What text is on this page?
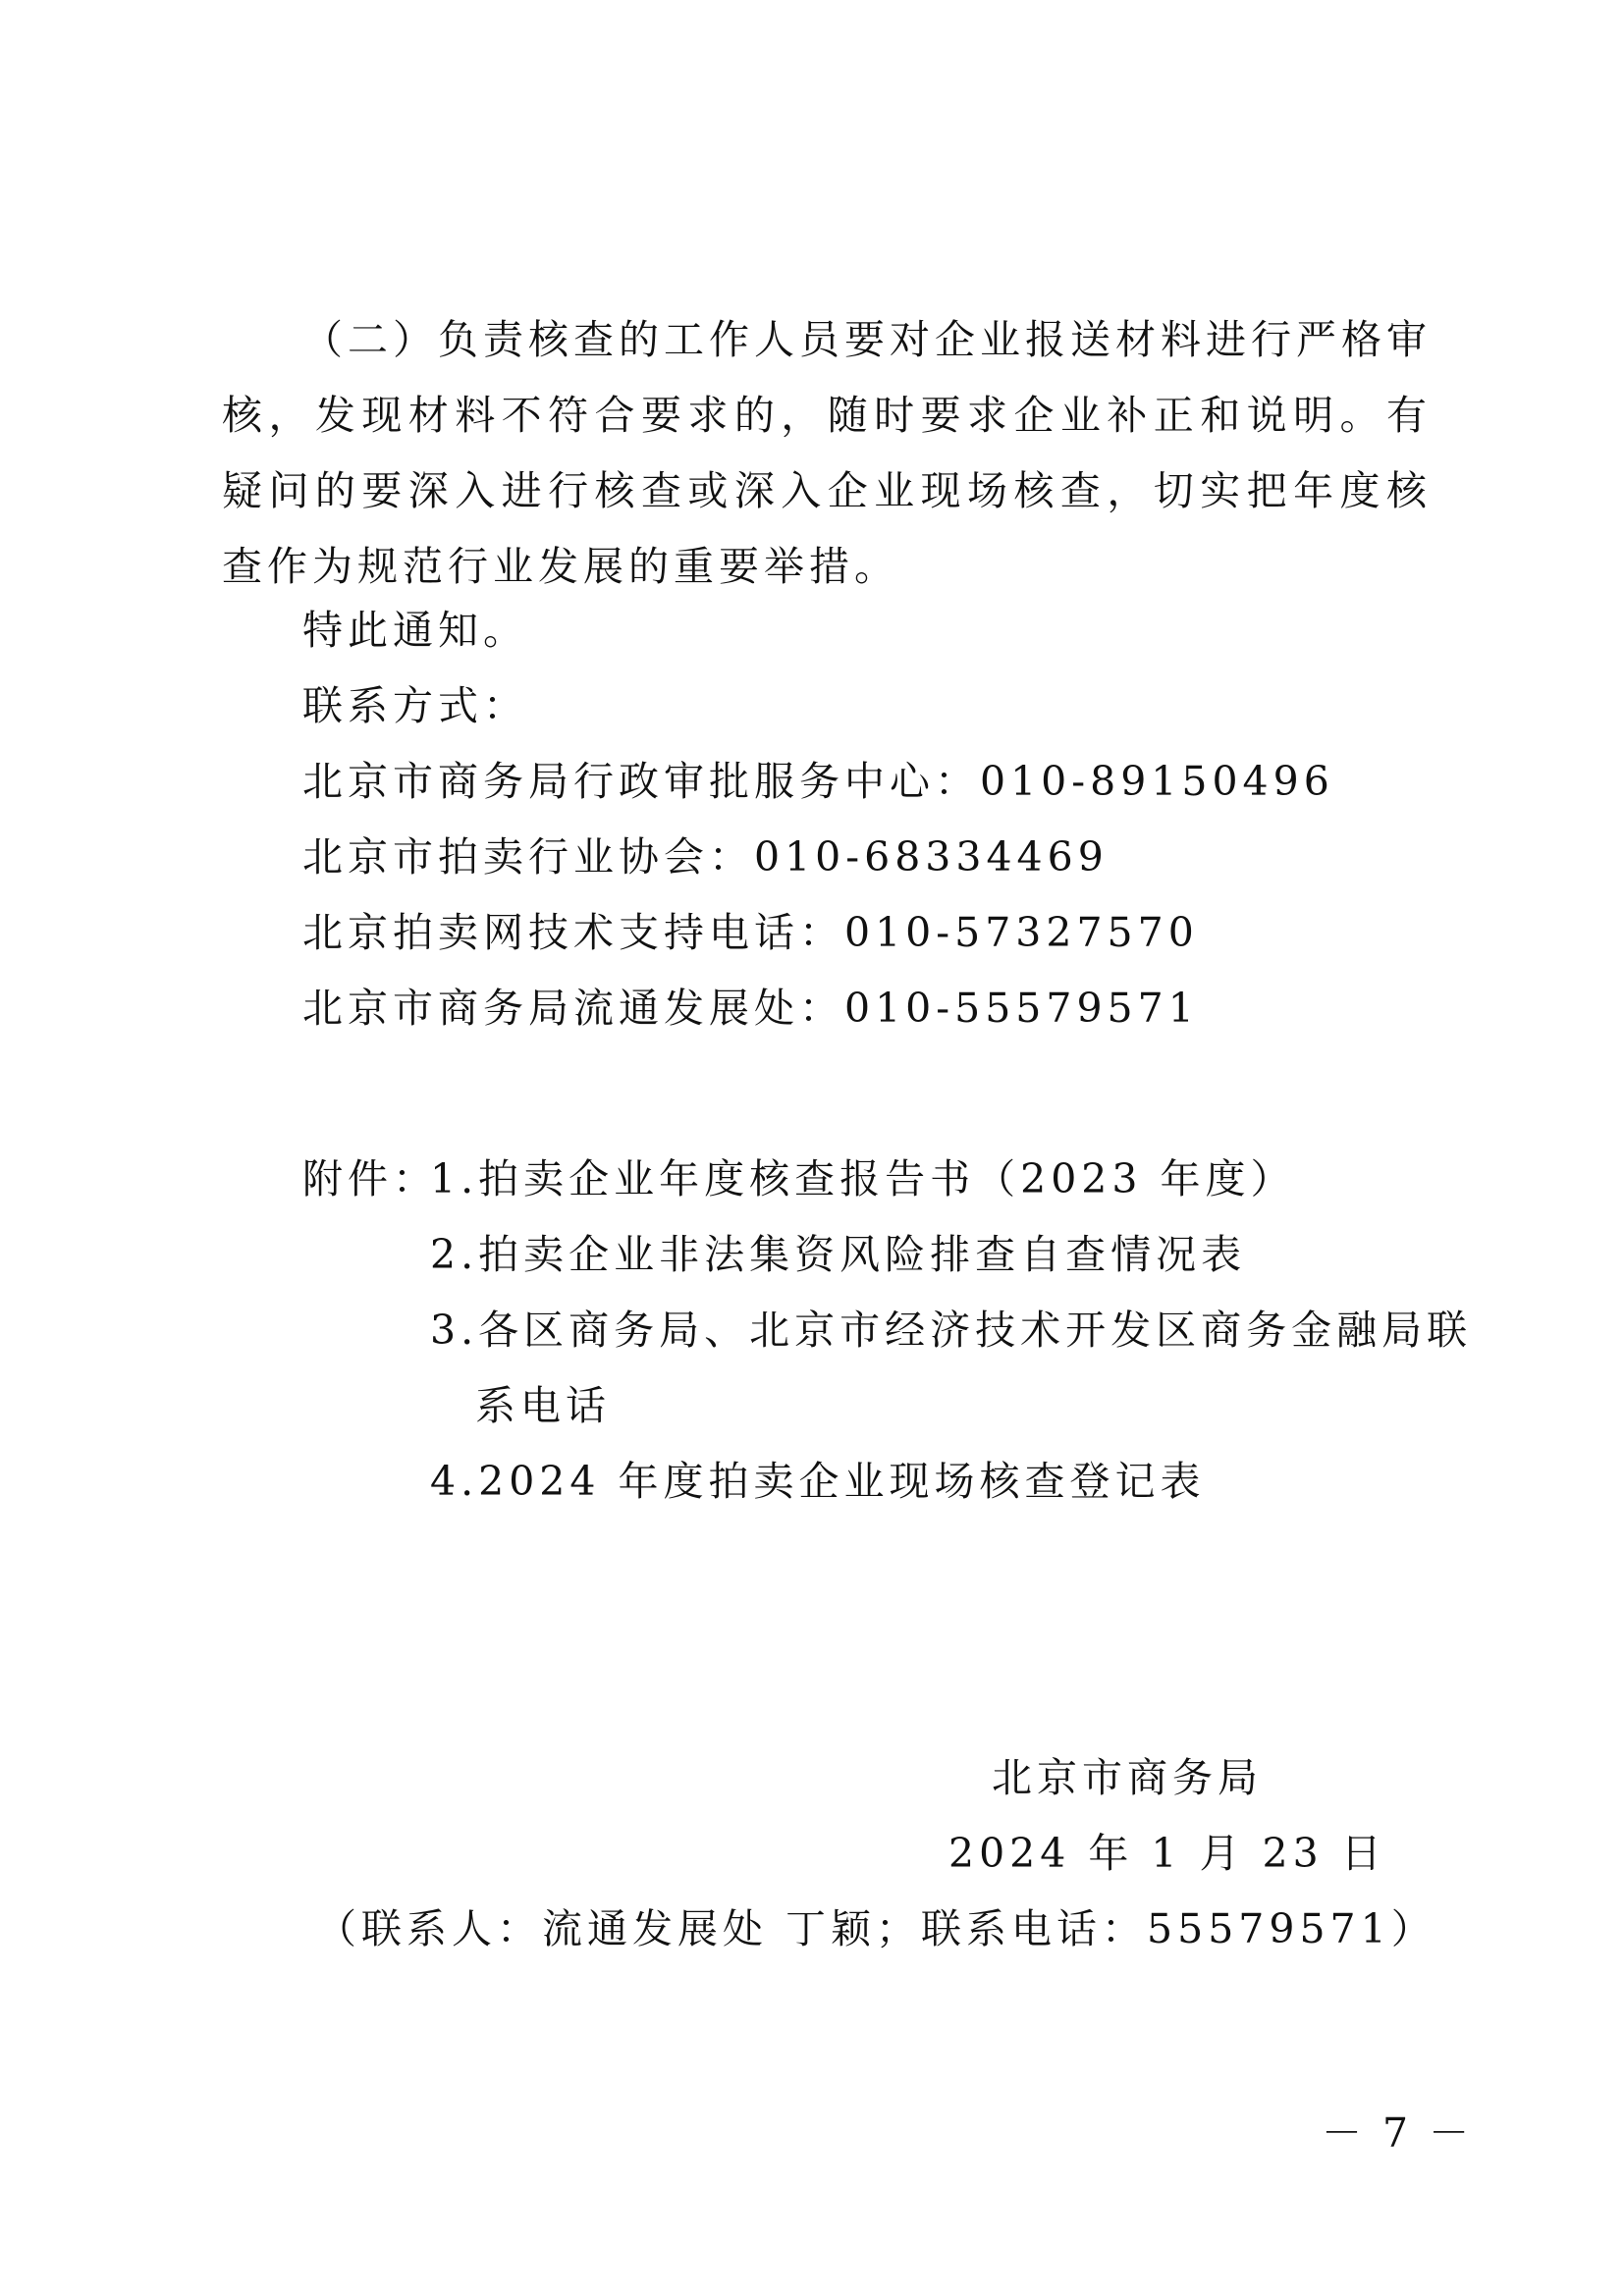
（二）负责核查的工作人员要对企业报送材料进行严格审核，发现材料不符合要求的，随时要求企业补正和说明。有疑问的要深入进行核查或深入企业现场核查，切实把年度核查作为规范行业发展的重要举措。

特此通知。
联系方式：
北京市商务局行政审批服务中心：010-89150496
北京市拍卖行业协会：010-68334469
北京拍卖网技术支持电话：010-57327570
北京市商务局流通发展处：010-55579571
附件：
1.拍卖企业年度核查报告书（2023 年度）
2.拍卖企业非法集资风险排查自查情况表
3.各区商务局、北京市经济技术开发区商务金融局联
系电话
4.2024 年度拍卖企业现场核查登记表
北京市商务局
2024 年 1 月 23 日
（联系人：流通发展处 丁颖；联系电话：55579571）
－ 7 －
